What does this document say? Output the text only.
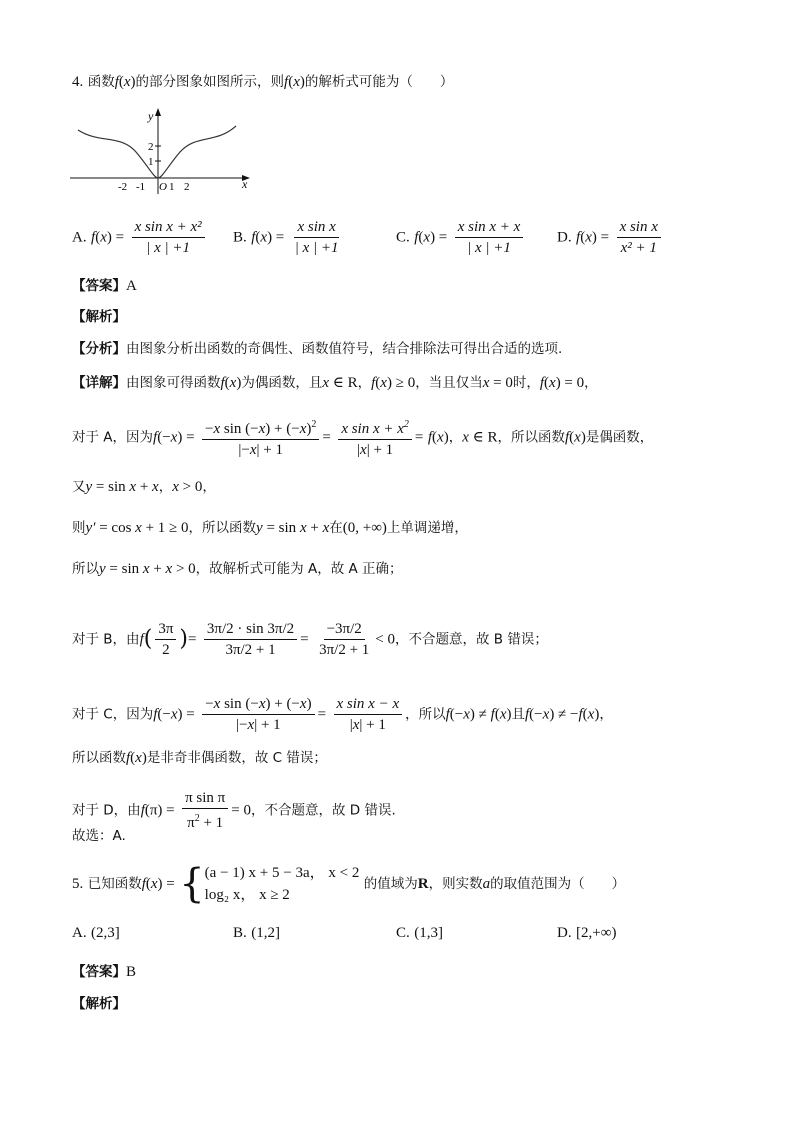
4. 函数f(x)的部分图象如图所示，则f(x)的解析式可能为（　　）
y
x
2
1
-2 -1 O 1 2
A. $f(x) = \frac{\text{x sin x + x²}}{| x | +1} B$. $f(x) = \frac{\text{x sin x}}{| x | +1}$	C. $f(x) = \frac{\text{x sin x + x}}{| x | +1} D$. $f(x) = \frac{\text{x sin x}}{\text{x² + 1}}$
【答案】A
【解析】
【分析】由图象分析出函数的奇偶性、函数值符号，结合排除法可得出合适的选项.
【详解】由图象可得函数f(x)为偶函数，且x ∈ R，f(x) ≥ 0，当且仅当x = 0时，f(x) = 0，
对于 A，因为$f(-x) = \frac{-x \sin (-x) + (-x)^2}{|-x| + 1} = \frac{x \sin x + x^2}{|x| + 1} = f(x)$，x ∈ R，所以函数f(x)是偶函数，
又y = sin x + x，x > 0，
则y′ = cos x + 1 ≥ 0，所以函数y = sin x + x在(0, +∞)上单调递增，
所以y = sin x + x > 0，故解析式可能为 A，故 A 正确；
对于 B，由$f( \frac{3\pi}{2}$ )= $\frac{3\pi/2 \cdot \sin 3\pi/2}{3\pi/2 + 1} = \frac{-3\pi/2}{3\pi/2 + 1} < 0$，不合题意，故 B 错误；
对于 C，因为$f(-x) = \frac{\text{−x sin (−x) + (−x)}}{|-x| + 1} = \frac{\text{x sin x − x}}{|x| + 1}$ ，所以f(−x) ≠ f(x)且f(−x) ≠ −f(x)，
所以函数f(x)是非奇非偶函数，故 C 错误；
对于 D，由$f(\pi) = \frac{\text{π sin π}}{\pi^2 + 1} = 0$，不合题意，故 D 错误.
故选：A.
5. 已知函数f(x) = { (a − 1) x + 5 − 3a， x < 2
log₂ x， x ≥ 2
的值域为R，则实数a的取值范围为（　　）
A. (2,3]	B. (1,2]	C. (1,3]	D. [2,+∞)
【答案】B
【解析】
